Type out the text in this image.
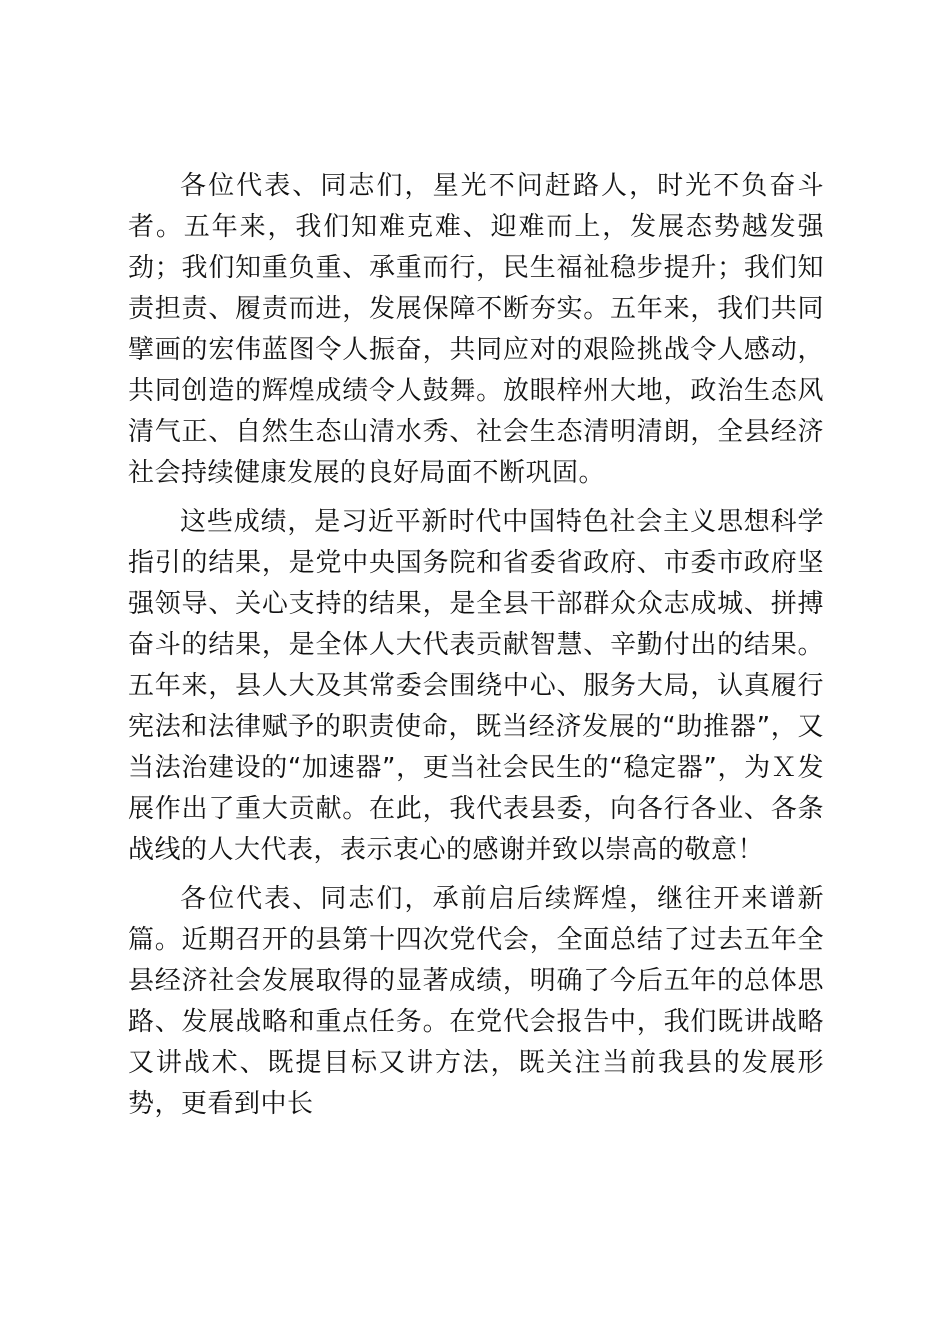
各位代表、同志们，星光不问赶路人，时光不负奋斗者。五年来，我们知难克难、迎难而上，发展态势越发强劲；我们知重负重、承重而行，民生福祉稳步提升；我们知责担责、履责而进，发展保障不断夯实。五年来，我们共同擘画的宏伟蓝图令人振奋，共同应对的艰险挑战令人感动，共同创造的辉煌成绩令人鼓舞。放眼梓州大地，政治生态风清气正、自然生态山清水秀、社会生态清明清朗，全县经济社会持续健康发展的良好局面不断巩固。

这些成绩，是习近平新时代中国特色社会主义思想科学指引的结果，是党中央国务院和省委省政府、市委市政府坚强领导、关心支持的结果，是全县干部群众众志成城、拼搏奋斗的结果，是全体人大代表贡献智慧、辛勤付出的结果。五年来，县人大及其常委会围绕中心、服务大局，认真履行宪法和法律赋予的职责使命，既当经济发展的“助推器”，又当法治建设的“加速器”，更当社会民生的“稳定器”，为Ｘ发展作出了重大贡献。在此，我代表县委，向各行各业、各条战线的人大代表，表示衷心的感谢并致以崇高的敬意！

各位代表、同志们，承前启后续辉煌，继往开来谱新篇。近期召开的县第十四次党代会，全面总结了过去五年全县经济社会发展取得的显著成绩，明确了今后五年的总体思路、发展战略和重点任务。在党代会报告中，我们既讲战略又讲战术、既提目标又讲方法，既关注当前我县的发展形势，更看到中长
